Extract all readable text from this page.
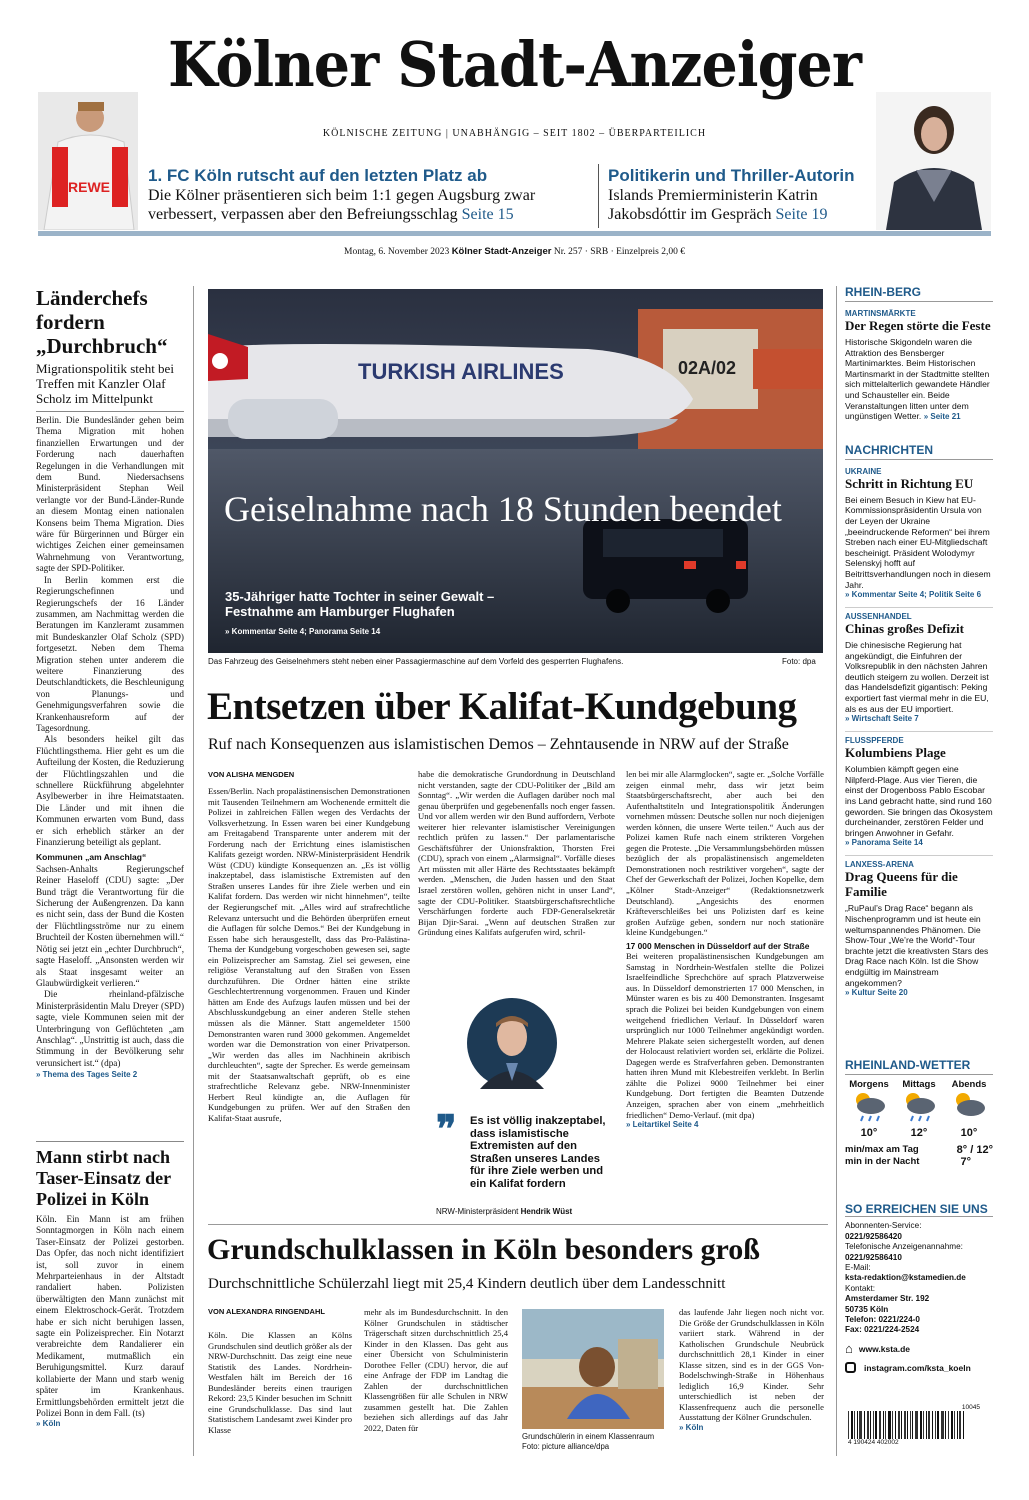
Kölner Stadt-Anzeiger
KÖLNISCHE ZEITUNG | UNABHÄNGIG – SEIT 1802 – ÜBERPARTEILICH
REWE
1. FC Köln rutscht auf den letzten Platz ab
Die Kölner präsentieren sich beim 1:1 gegen Augsburg zwar
verbessert, verpassen aber den Befreiungsschlag Seite 15
Politikerin und Thriller-Autorin
Islands Premierministerin Katrin
Jakobsdóttir im Gespräch Seite 19
Montag, 6. November 2023 Kölner Stadt-Anzeiger Nr. 257 · SRB · Einzelpreis 2,00 €
Länderchefs fordern „Durchbruch“
Migrationspolitik steht bei Treffen mit Kanzler Olaf Scholz im Mittelpunkt

Berlin. Die Bundesländer gehen beim Thema Migration mit hohen finanziellen Erwartungen und der Forderung nach dauerhaften Regelungen in die Verhandlungen mit dem Bund. Niedersachsens Ministerpräsident Stephan Weil verlangte vor der Bund-Länder-Runde an diesem Montag einen nationalen Konsens beim Thema Migration. Dies wäre für Bürgerinnen und Bürger ein wichtiges Zeichen einer gemeinsamen Wahrnehmung von Verantwortung, sagte der SPD-Politiker.

In Berlin kommen erst die Regierungschefinnen und Regierungschefs der 16 Länder zusammen, am Nachmittag werden die Beratungen im Kanzleramt zusammen mit Bundeskanzler Olaf Scholz (SPD) fortgesetzt. Neben dem Thema Migration stehen unter anderem die weitere Finanzierung des Deutschlandtickets, die Beschleunigung von Planungs- und Genehmigungsverfahren sowie die Krankenhausreform auf der Tagesordnung.

Als besonders heikel gilt das Flüchtlingsthema. Hier geht es um die Aufteilung der Kosten, die Reduzierung der Flüchtlingszahlen und die schnellere Rückführung abgelehnter Asylbewerber in ihre Heimatstaaten. Die Länder und mit ihnen die Kommunen erwarten vom Bund, dass er sich erheblich stärker an der Finanzierung beteiligt als geplant.

Kommunen „am Anschlag“

Sachsen-Anhalts Regierungschef Reiner Haseloff (CDU) sagte: „Der Bund trägt die Verantwortung für die Sicherung der Außengrenzen. Da kann es nicht sein, dass der Bund die Kosten der Flüchtlingsströme nur zu einem Bruchteil der Kosten übernehmen will.“ Nötig sei jetzt ein „echter Durchbruch“, sagte Haseloff. „Ansonsten werden wir als Staat insgesamt weiter an Glaubwürdigkeit verlieren.“

Die rheinland-pfälzische Ministerpräsidentin Malu Dreyer (SPD) sagte, viele Kommunen seien mit der Unterbringung von Geflüchteten „am Anschlag“. „Unstrittig ist auch, dass die Stimmung in der Bevölkerung sehr verunsichert ist.“ (dpa)

» Thema des Tages Seite 2

Mann stirbt nach Taser-Einsatz der Polizei in Köln
Köln. Ein Mann ist am frühen Sonntagmorgen in Köln nach einem Taser-Einsatz der Polizei gestorben. Das Opfer, das noch nicht identifiziert ist, soll zuvor in einem Mehrparteienhaus in der Altstadt randaliert haben. Polizisten überwältigten den Mann zunächst mit einem Elektroschock-Gerät. Trotzdem habe er sich nicht beruhigen lassen, sagte ein Polizeisprecher. Ein Notarzt verabreichte dem Randalierer ein Medikament, mutmaßlich ein Beruhigungsmittel. Kurz darauf kollabierte der Mann und starb wenig später im Krankenhaus. Ermittlungsbehörden ermittelt jetzt die Polizei Bonn in dem Fall. (ts)
» Köln
TURKISH AIRLINES	02A/02
Geiselnahme nach 18 Stunden beendet
35-Jähriger hatte Tochter in seiner Gewalt – Festnahme am Hamburger Flughafen
» Kommentar Seite 4; Panorama Seite 14
Das Fahrzeug des Geiselnehmers steht neben einer Passagiermaschine auf dem Vorfeld des gesperrten Flughafens.	Foto: dpa
Entsetzen über Kalifat-Kundgebung
Ruf nach Konsequenzen aus islamistischen Demos – Zehntausende in NRW auf der Straße
VON ALISHA MENGDEN
Essen/Berlin. Nach propalästinensischen Demonstrationen mit Tausenden Teilnehmern am Wochenende ermittelt die Polizei in zahlreichen Fällen wegen des Verdachts der Volksverhetzung. In Essen waren bei einer Kundgebung am Freitagabend Transparente unter anderem mit der Forderung nach der Errichtung eines islamistischen Kalifats gezeigt worden. NRW-Ministerpräsident Hendrik Wüst (CDU) kündigte Konsequenzen an. „Es ist völlig inakzeptabel, dass islamistische Extremisten auf den Straßen unseres Landes für ihre Ziele werben und ein Kalifat fordern. Das werden wir nicht hinnehmen“, teilte der Regierungschef mit. „Alles wird auf strafrechtliche Relevanz untersucht und die Behörden überprüfen erneut die Auflagen für solche Demos.“ Bei der Kundgebung in Essen habe sich herausgestellt, dass das Pro-Palästina-Thema der Kundgebung vorgeschoben gewesen sei, sagte ein Polizeisprecher am Samstag. Ziel sei gewesen, eine religiöse Veranstaltung auf den Straßen von Essen durchzuführen. Die Ordner hätten eine strikte Geschlechtertrennung vorgenommen. Frauen und Kinder hätten am Ende des Aufzugs laufen müssen und bei der Abschlusskundgebung an einer anderen Stelle stehen müssen als die Männer. Statt angemeldeter 1500 Demonstranten waren rund 3000 gekommen. Angemeldet worden war die Demonstration von einer Privatperson. „Wir werden das alles im Nachhinein akribisch durchleuchten“, sagte der Sprecher. Es werde gemeinsam mit der Staatsanwaltschaft geprüft, ob es eine strafrechtliche Relevanz gebe. NRW-Innenminister Herbert Reul kündigte an, die Auflagen für Kundgebungen zu prüfen. Wer auf den Straßen den Kalifat-Staat ausrufe,
habe die demokratische Grundordnung in Deutschland nicht verstanden, sagte der CDU-Politiker der „Bild am Sonntag“. „Wir werden die Auflagen darüber noch mal genau überprüfen und gegebenenfalls noch enger fassen. Und vor allem werden wir den Bund auffordern, Verbote weiterer hier relevanter islamistischer Vereinigungen rechtlich prüfen zu lassen.“ Der parlamentarische Geschäftsführer der Unionsfraktion, Thorsten Frei (CDU), sprach von einem „Alarmsignal“. Vorfälle dieses Art müssten mit aller Härte des Rechtsstaates bekämpft werden. „Menschen, die Juden hassen und den Staat Israel zerstören wollen, gehören nicht in unser Land“, sagte der CDU-Politiker. Staatsbürgerschaftsrechtliche Verschärfungen forderte auch FDP-Generalsekretär Bijan Djir-Sarai. „Wenn auf deutschen Straßen zur Gründung eines Kalifats aufgerufen wird, schril-
❞ Es ist völlig inakzeptabel, dass islamistische Extremisten auf den Straßen unseres Landes für ihre Ziele werben und ein Kalifat fordern
NRW-Ministerpräsident Hendrik Wüst

len bei mir alle Alarmglocken“, sagte er. „Solche Vorfälle zeigen einmal mehr, dass wir jetzt beim Staatsbürgerschaftsrecht, aber auch bei den Aufenthaltstiteln und Integrationspolitik Änderungen vornehmen müssen: Deutsche sollen nur noch diejenigen werden können, die unsere Werte teilen.“ Auch aus der Polizei kamen Rufe nach einem strikteren Vorgehen gegen die Proteste. „Die Versammlungsbehörden müssen bezüglich der als propalästinensisch angemeldeten Demonstrationen noch restriktiver vorgehen“, sagte der Chef der Gewerkschaft der Polizei, Jochen Kopelke, dem „Kölner Stadt-Anzeiger“ (Redaktionsnetzwerk Deutschland). „Angesichts des enormen Kräfteverschleißes bei uns Polizisten darf es keine großen Aufzüge geben, sondern nur noch stationäre kleine Kundgebungen.“

17 000 Menschen in Düsseldorf auf der Straße

Bei weiteren propalästinensischen Kundgebungen am Samstag in Nordrhein-Westfalen stellte die Polizei Israelfeindliche Sprechchöre auf sprach Platzverweise aus. In Düsseldorf demonstrierten 17 000 Menschen, in Münster waren es bis zu 400 Demonstranten. Insgesamt sprach die Polizei bei beiden Kundgebungen von einem weitgehend friedlichen Verlauf. In Düsseldorf waren ursprünglich nur 1000 Teilnehmer angekündigt worden. Mehrere Plakate seien sichergestellt worden, auf denen der Holocaust relativiert worden sei, erklärte die Polizei. Dagegen werde es Strafverfahren geben. Demonstranten hatten ihren Mund mit Klebestreifen verklebt. In Berlin zählte die Polizei 9000 Teilnehmer bei einer Kundgebung. Dort fertigten die Beamten Dutzende Anzeigen, sprachen aber von einem „mehrheitlich friedlichen“ Demo-Verlauf. (mit dpa)

» Leitartikel Seite 4

Grundschulklassen in Köln besonders groß
Durchschnittliche Schülerzahl liegt mit 25,4 Kindern deutlich über dem Landesschnitt
VON ALEXANDRA RINGENDAHL
Köln. Die Klassen an Kölns Grundschulen sind deutlich größer als der NRW-Durchschnitt. Das zeigt eine neue Statistik des Landes. Nordrhein-Westfalen hält im Bereich der 16 Bundesländer bereits einen traurigen Rekord: 23,5 Kinder besuchen im Schnitt eine Grundschulklasse. Das sind laut Statistischem Landesamt zwei Kinder pro Klasse
mehr als im Bundesdurchschnitt. In den Kölner Grundschulen in städtischer Trägerschaft sitzen durchschnittlich 25,4 Kinder in den Klassen. Das geht aus einer Übersicht von Schulministerin Dorothee Feller (CDU) hervor, die auf eine Anfrage der FDP im Landtag die Zahlen der durchschnittlichen Klassengrößen für alle Schulen in NRW zusammen gestellt hat. Die Zahlen beziehen sich allerdings auf das Jahr 2022, Daten für
Grundschülerin in einem Klassenraum
Foto: picture alliance/dpa

das laufende Jahr liegen noch nicht vor. Die Größe der Grundschulklassen in Köln variiert stark. Während in der Katholischen Grundschule Neubrück durchschnittlich 28,1 Kinder in einer Klasse sitzen, sind es in der GGS Von-Bodelschwingh-Straße in Höhenhaus lediglich 16,9 Kinder. Sehr unterschiedlich ist neben der Klassenfrequenz auch die personelle Ausstattung der Kölner Grundschulen.

» Köln

RHEIN-BERG
MARTINSMÄRKTE
Der Regen störte die Feste
Historische Skigondeln waren die Attraktion des Bensberger Martinimarktes. Beim Historischen Martinsmarkt in der Stadtmitte stellten sich mittelalterlich gewandete Händler und Schausteller ein. Beide Veranstaltungen litten unter dem ungünstigen Wetter. » Seite 21
NACHRICHTEN
UKRAINE
Schritt in Richtung EU
Bei einem Besuch in Kiew hat EU-Kommissionspräsidentin Ursula von der Leyen der Ukraine „beeindruckende Reformen“ bei ihrem Streben nach einer EU-Mitgliedschaft bescheinigt. Präsident Wolodymyr Selenskyj hofft auf Beitrittsverhandlungen noch in diesem Jahr.
» Kommentar Seite 4; Politik Seite 6
AUSSENHANDEL
Chinas großes Defizit
Die chinesische Regierung hat angekündigt, die Einfuhren der Volksrepublik in den nächsten Jahren deutlich steigern zu wollen. Derzeit ist das Handelsdefizit gigantisch: Peking exportiert fast viermal mehr in die EU, als es aus der EU importiert.
» Wirtschaft Seite 7
FLUSSPFERDE
Kolumbiens Plage
Kolumbien kämpft gegen eine Nilpferd-Plage. Aus vier Tieren, die einst der Drogenboss Pablo Escobar ins Land gebracht hatte, sind rund 160 geworden. Sie bringen das Ökosystem durcheinander, zerstören Felder und bringen Anwohner in Gefahr.
» Panorama Seite 14
LANXESS-ARENA
Drag Queens für die Familie
„RuPaul’s Drag Race“ begann als Nischenprogramm und ist heute ein weltumspannendes Phänomen. Die Show-Tour „We’re the World“-Tour brachte jetzt die kreativsten Stars des Drag Race nach Köln. Ist die Show endgültig im Mainstream angekommen?
» Kultur Seite 20
RHEINLAND-WETTER
Morgens
10°
Mittags
12°
Abends
10°
min/max am Tag	8° / 12°
min in der Nacht	7°
SO ERREICHEN SIE UNS
Abonnenten-Service:
0221/92586420
Telefonische Anzeigenannahme:
0221/92586410
E-Mail:
ksta-redaktion@kstamedien.de
Kontakt:
Amsterdamer Str. 192
50735 Köln
Telefon: 0221/224-0
Fax: 0221/224-2524
⌂ www.ksta.de
instagram.com/ksta_koeln
10045
4 190424 402002
